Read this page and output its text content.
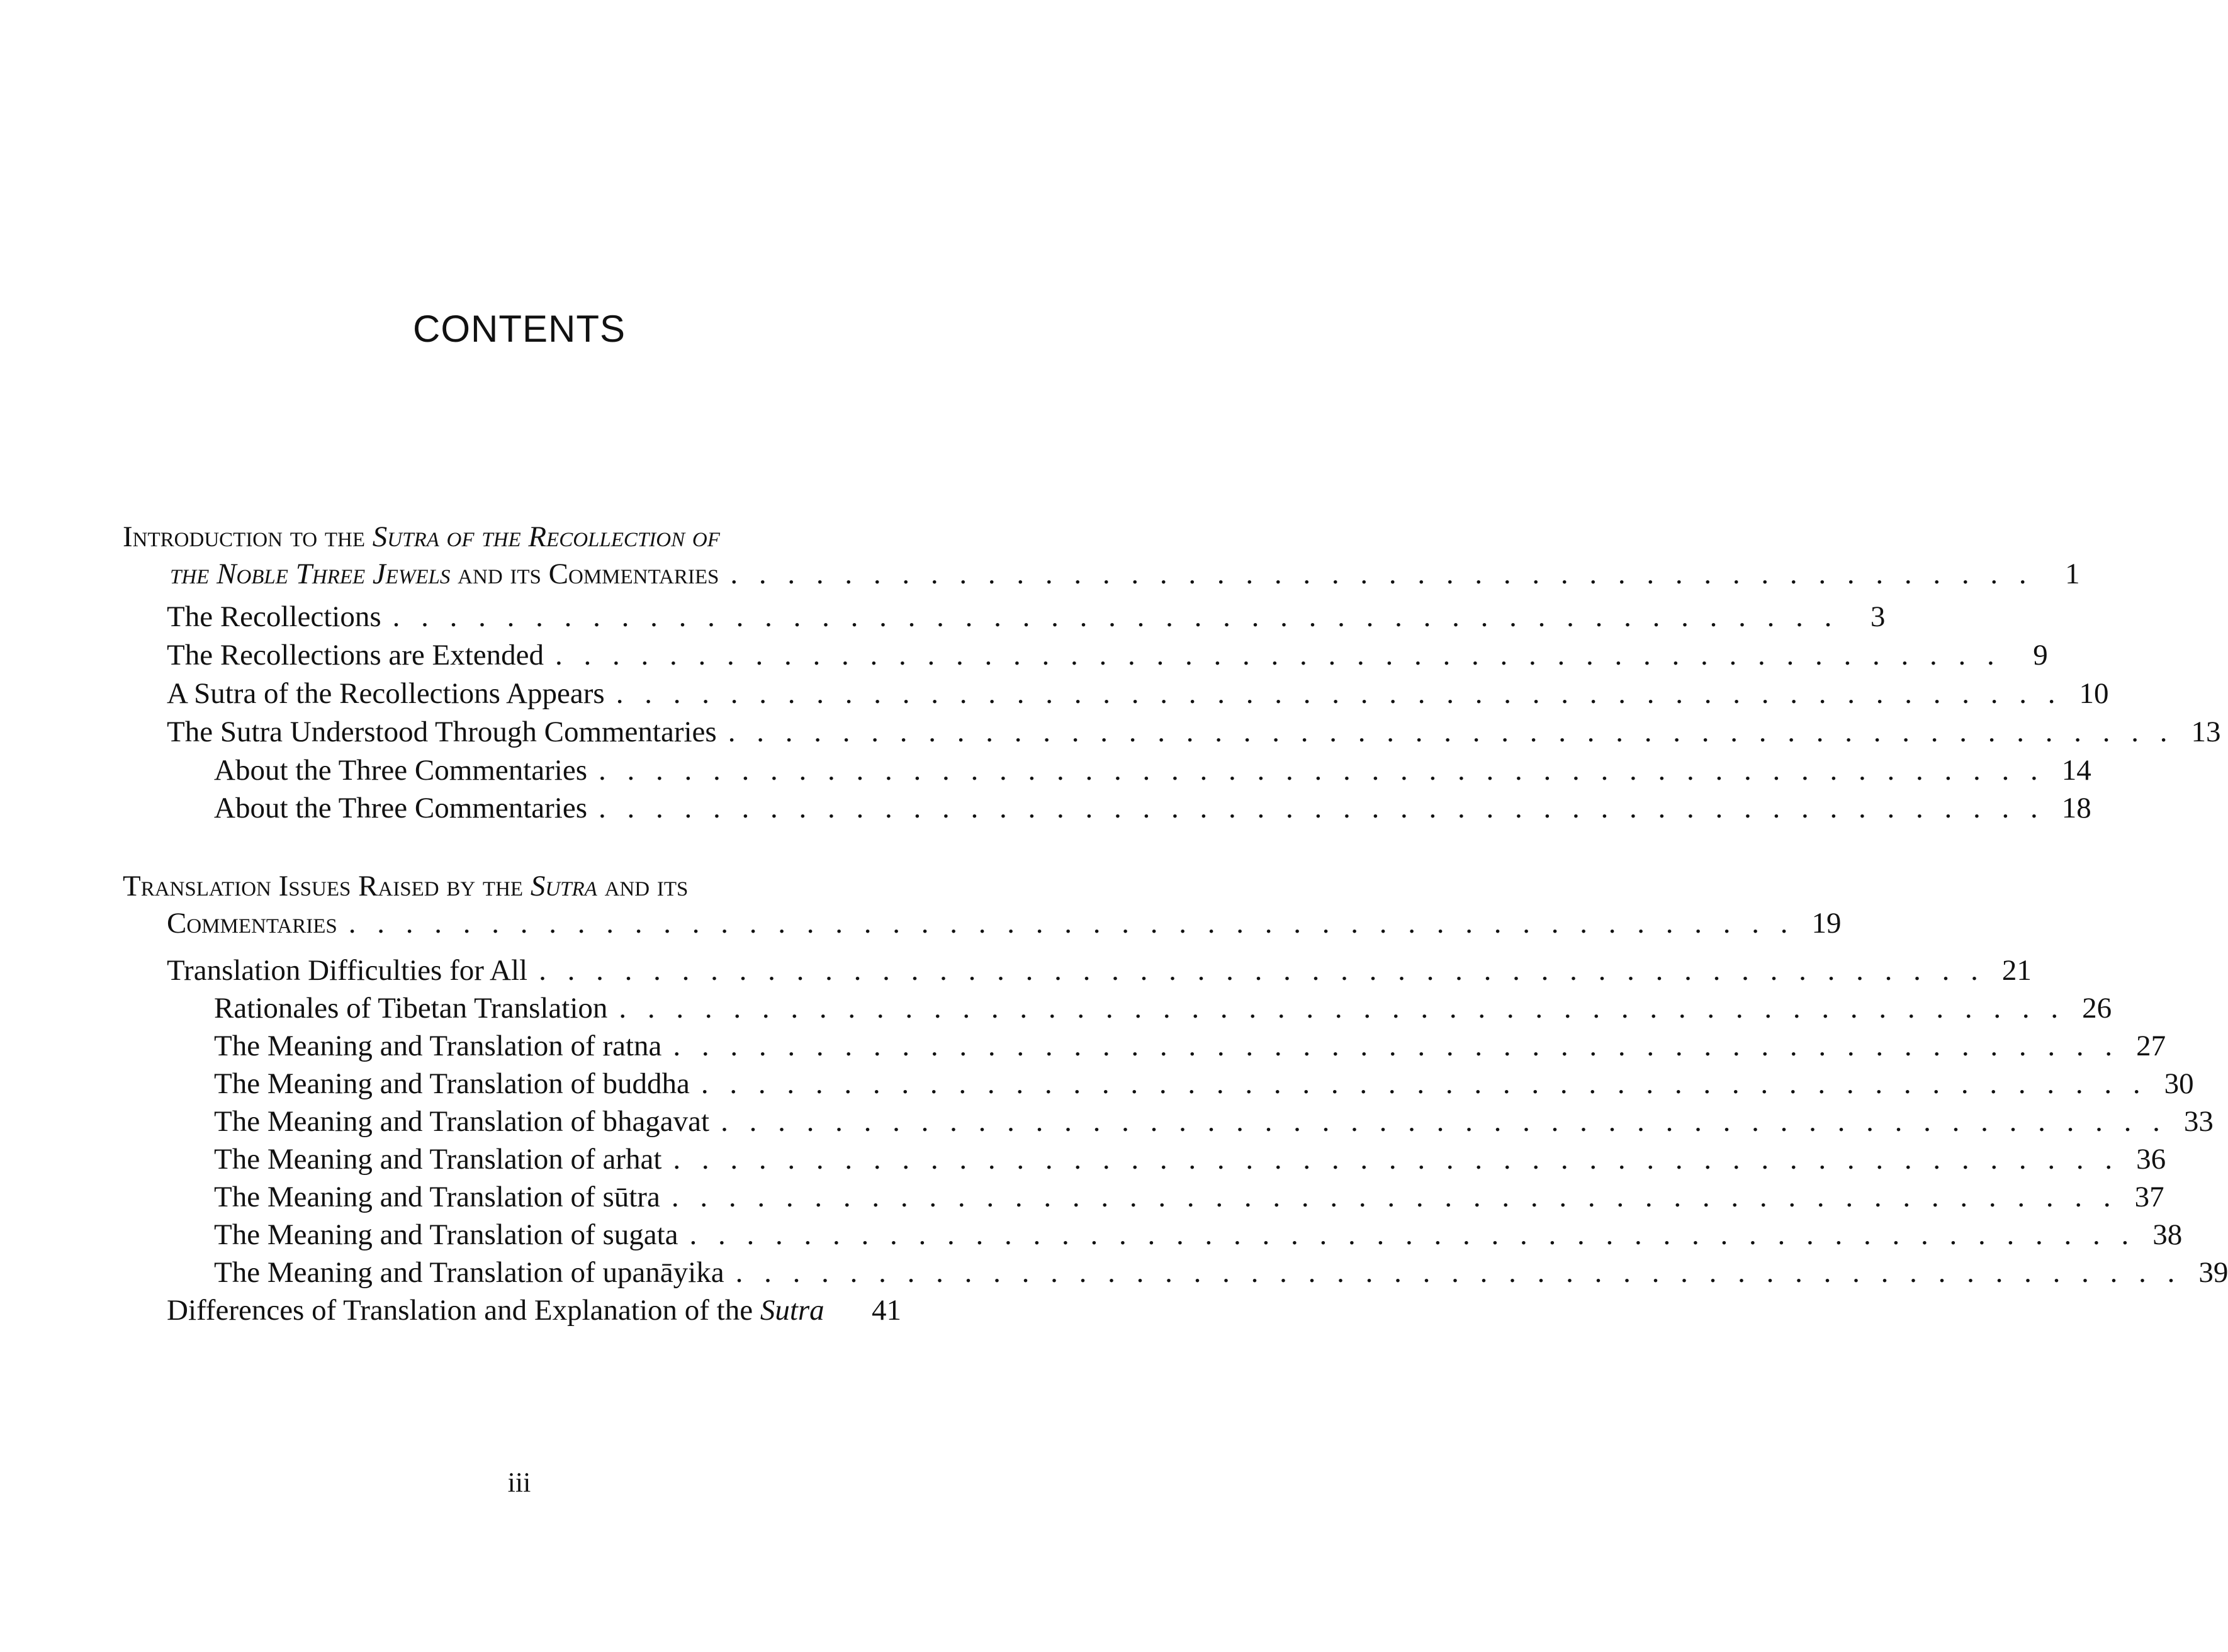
CONTENTS
Introduction to the Sutra of the Recollection of
the Noble Three Jewels and its Commentaries . . . . . . . . . . . . . . . . . . . . . . . . . . . . . . . . . . . . . . . . . . . . . .	1
The Recollections . . . . . . . . . . . . . . . . . . . . . . . . . . . . . . . . . . . . . . . . . . . . . . . . . . .	3
The Recollections are Extended . . . . . . . . . . . . . . . . . . . . . . . . . . . . . . . . . . . . . . . . . . . . . . . . . . .	9
A Sutra of the Recollections Appears . . . . . . . . . . . . . . . . . . . . . . . . . . . . . . . . . . . . . . . . . . . . . . . . . . . 10
The Sutra Understood Through Commentaries . . . . . . . . . . . . . . . . . . . . . . . . . . . . . . . . . . . . . . . . . . . . . . . . . . . 13
About the Three Commentaries . . . . . . . . . . . . . . . . . . . . . . . . . . . . . . . . . . . . . . . . . . . . . . . . . . . 14
About the Three Commentaries . . . . . . . . . . . . . . . . . . . . . . . . . . . . . . . . . . . . . . . . . . . . . . . . . . . 18
Translation Issues Raised by the Sutra and its
Commentaries . . . . . . . . . . . . . . . . . . . . . . . . . . . . . . . . . . . . . . . . . . . . . . . . . . . 19
Translation Difficulties for All . . . . . . . . . . . . . . . . . . . . . . . . . . . . . . . . . . . . . . . . . . . . . . . . . . . 21
Rationales of Tibetan Translation . . . . . . . . . . . . . . . . . . . . . . . . . . . . . . . . . . . . . . . . . . . . . . . . . . . 26
The Meaning and Translation of ratna . . . . . . . . . . . . . . . . . . . . . . . . . . . . . . . . . . . . . . . . . . . . . . . . . . . 27
The Meaning and Translation of buddha . . . . . . . . . . . . . . . . . . . . . . . . . . . . . . . . . . . . . . . . . . . . . . . . . . . 30
The Meaning and Translation of bhagavat . . . . . . . . . . . . . . . . . . . . . . . . . . . . . . . . . . . . . . . . . . . . . . . . . . . 33
The Meaning and Translation of arhat . . . . . . . . . . . . . . . . . . . . . . . . . . . . . . . . . . . . . . . . . . . . . . . . . . . 36
The Meaning and Translation of sūtra . . . . . . . . . . . . . . . . . . . . . . . . . . . . . . . . . . . . . . . . . . . . . . . . . . . 37
The Meaning and Translation of sugata . . . . . . . . . . . . . . . . . . . . . . . . . . . . . . . . . . . . . . . . . . . . . . . . . . . 38
The Meaning and Translation of upanāyika . . . . . . . . . . . . . . . . . . . . . . . . . . . . . . . . . . . . . . . . . . . . . . . . . . . 39
Differences of Translation and Explanation of the Sutra 41
iii
